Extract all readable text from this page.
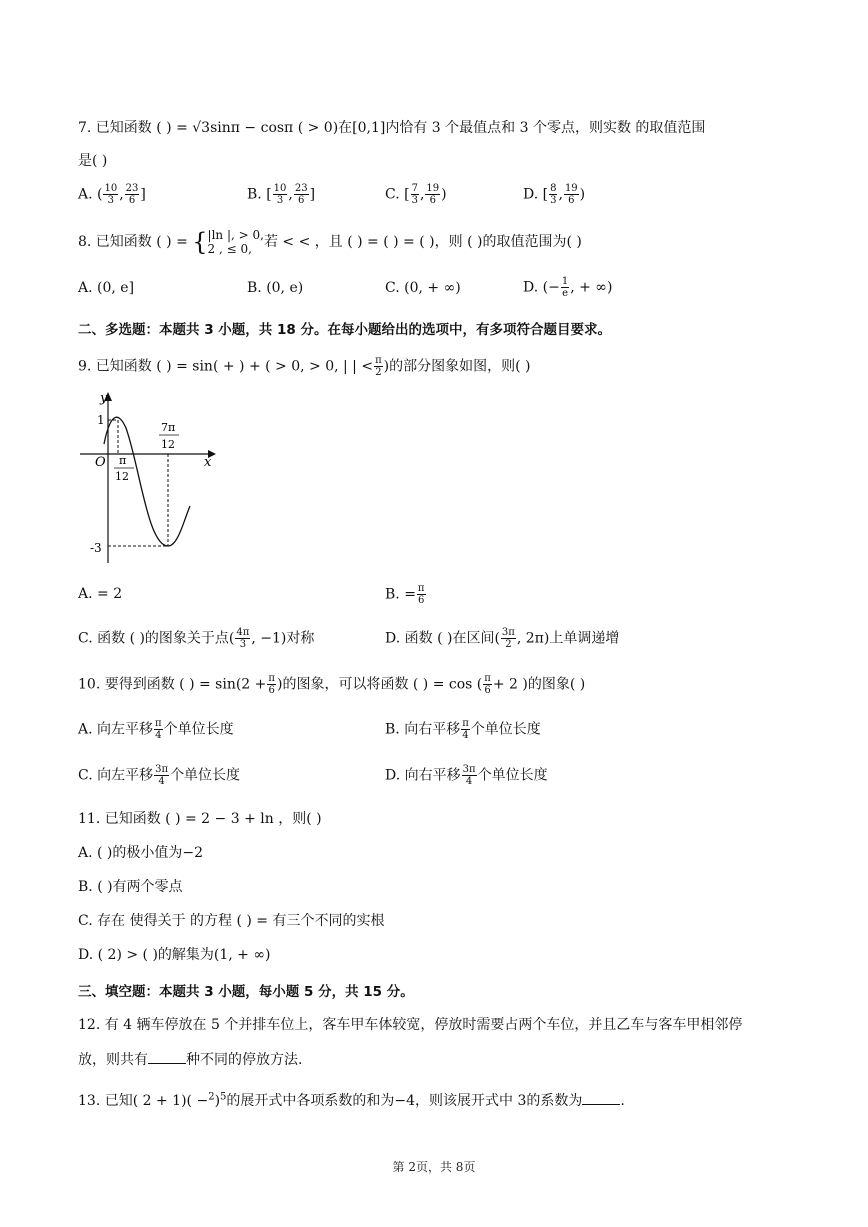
7. 已知函数 ( ) = √3sinπ − cosπ ( > 0)在[0,1]内恰有 3 个最值点和 3 个零点，则实数 的取值范围
是( )
A. ( $\frac{10}{3}$ , $\frac{23}{6}$ ]	B. [ $\frac{10}{3}$ , $\frac{23}{6}$ ]	C. [ $\frac{7}{3}$ , $\frac{19}{6}$ )	D. [ $\frac{8}{3}$ , $\frac{19}{6}$ )
8. 已知函数 ( ) = { |ln |, > 0,
2 , ≤ 0, 若 < < ，且 ( ) = ( ) = ( )，则 ( )的取值范围为( )
A. (0, e]	B. (0, e)	C. (0, + ∞)	D. (− $\frac{1}{e}$ , + ∞)
二、多选题：本题共 3 小题，共 18 分。在每小题给出的选项中，有多项符合题目要求。
9. 已知函数 ( ) = sin( + ) + ( > 0, > 0, | | < $\frac{\pi}{2}$ )的部分图象如图，则( )
y
x
O
1
-3
π
12
7π
12
A. = 2	B. = $\frac{\pi}{6}$
C. 函数 ( )的图象关于点( $\frac{4\pi}{3}$ , −1)对称	D. 函数 ( )在区间( $\frac{3\pi}{2}$ , 2π)上单调递增
10. 要得到函数 ( ) = $\sin(2 + \frac{\pi}{6}$ )的图象，可以将函数 ( ) = cos ( $\frac{\pi}{6} + 2$ )的图象( )
A. 向左平移 $\frac{\pi}{4}$ 个单位长度	B. 向右平移 $\frac{\pi}{4}$ 个单位长度
C. 向左平移 $\frac{3\pi}{4}$ 个单位长度	D. 向右平移 $\frac{3\pi}{4}$ 个单位长度
11. 已知函数 ( ) = 2 − 3 + ln ，则( )
A. ( )的极小值为−2
B. ( )有两个零点
C. 存在 使得关于 的方程 ( ) = 有三个不同的实根
D. ( 2) > ( )的解集为(1, + ∞)
三、填空题：本题共 3 小题，每小题 5 分，共 15 分。
12. 有 4 辆车停放在 5 个并排车位上，客车甲车体较宽，停放时需要占两个车位，并且乙车与客车甲相邻停
放，则共有	种不同的停放方法.
13. 已知( $2 + 1)( -^2)^5$的展开式中各项系数的和为−4，则该展开式中 3的系数为	.
第 2页，共 8页
